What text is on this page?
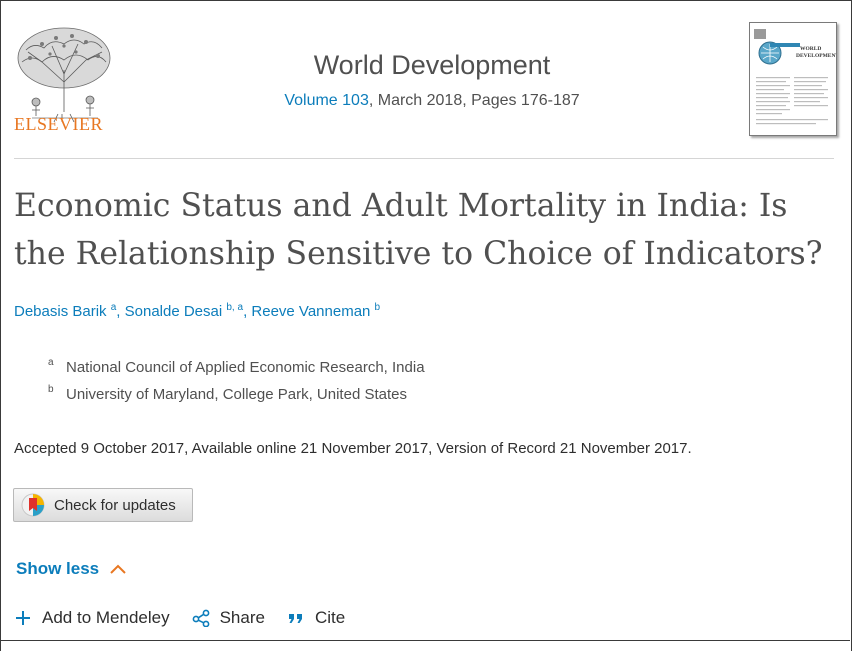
ELSEVIER
World Development
Volume 103, March 2018, Pages 176-187
WORLD
DEVELOPMENT
Economic Status and Adult Mortality in India: Is the Relationship Sensitive to Choice of Indicators?
Debasis Barik $^a$, Sonalde Desai $^{b, a}$, Reeve Vanneman $^b$
a National Council of Applied Economic Research, India
b University of Maryland, College Park, United States
Accepted 9 October 2017, Available online 21 November 2017, Version of Record 21 November 2017.
Check for updates
Show less
Add to Mendeley	Share	Cite
